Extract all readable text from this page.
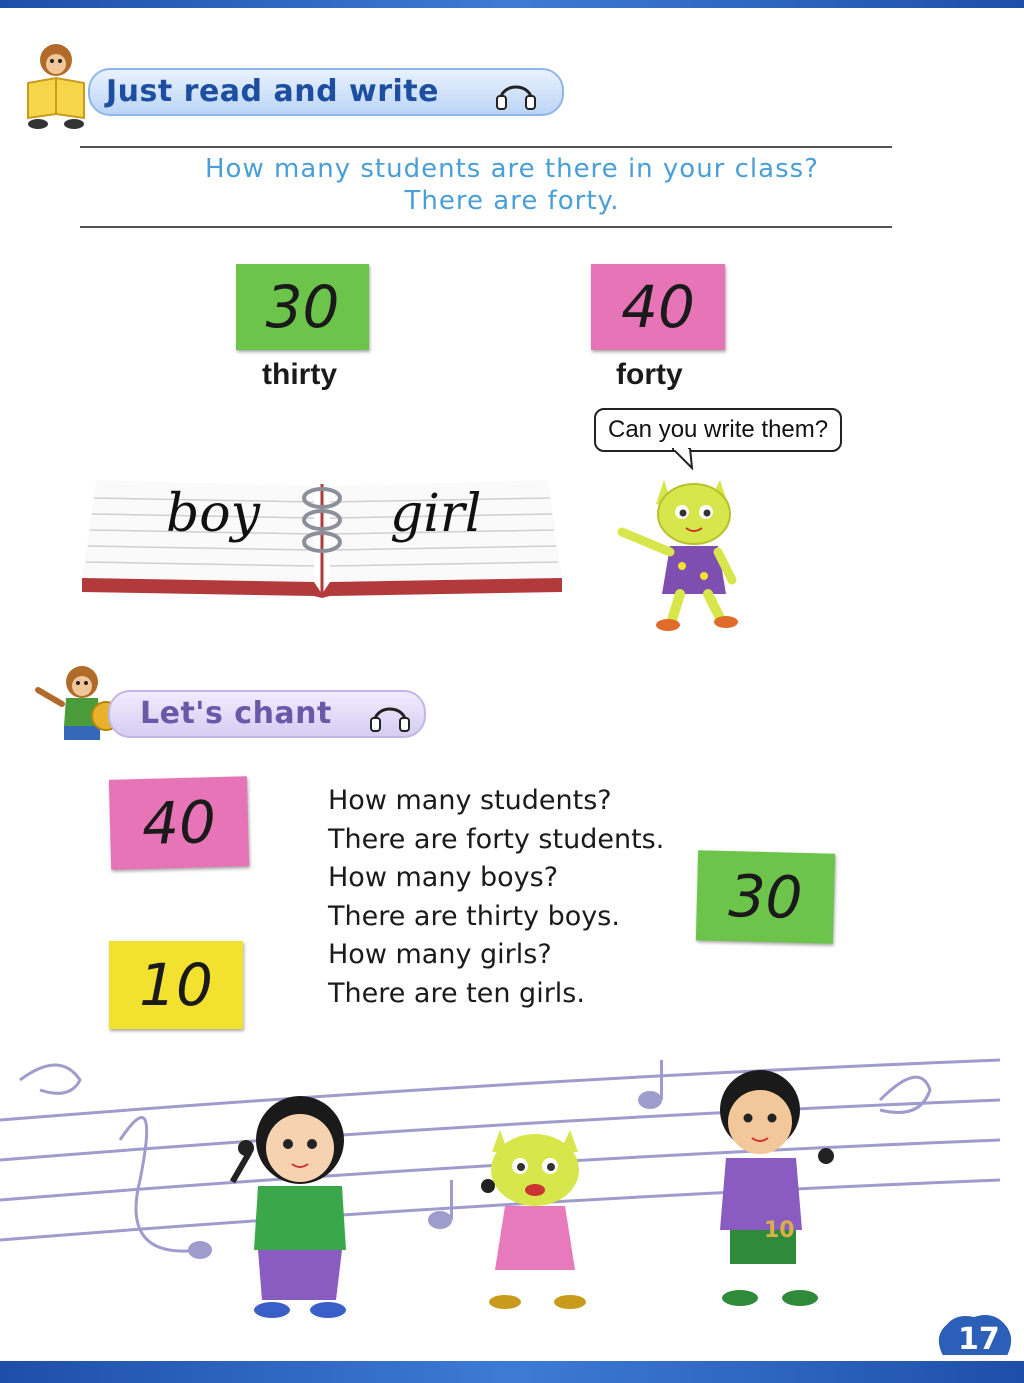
Just read and write
How many students are there in your class?
There are forty.
30
thirty
40
forty
Can you write them?
boy	girl
Let's chant
40
10
30
How many students?
There are forty students.
How many boys?
There are thirty boys.
How many girls?
There are ten girls.
10
17
